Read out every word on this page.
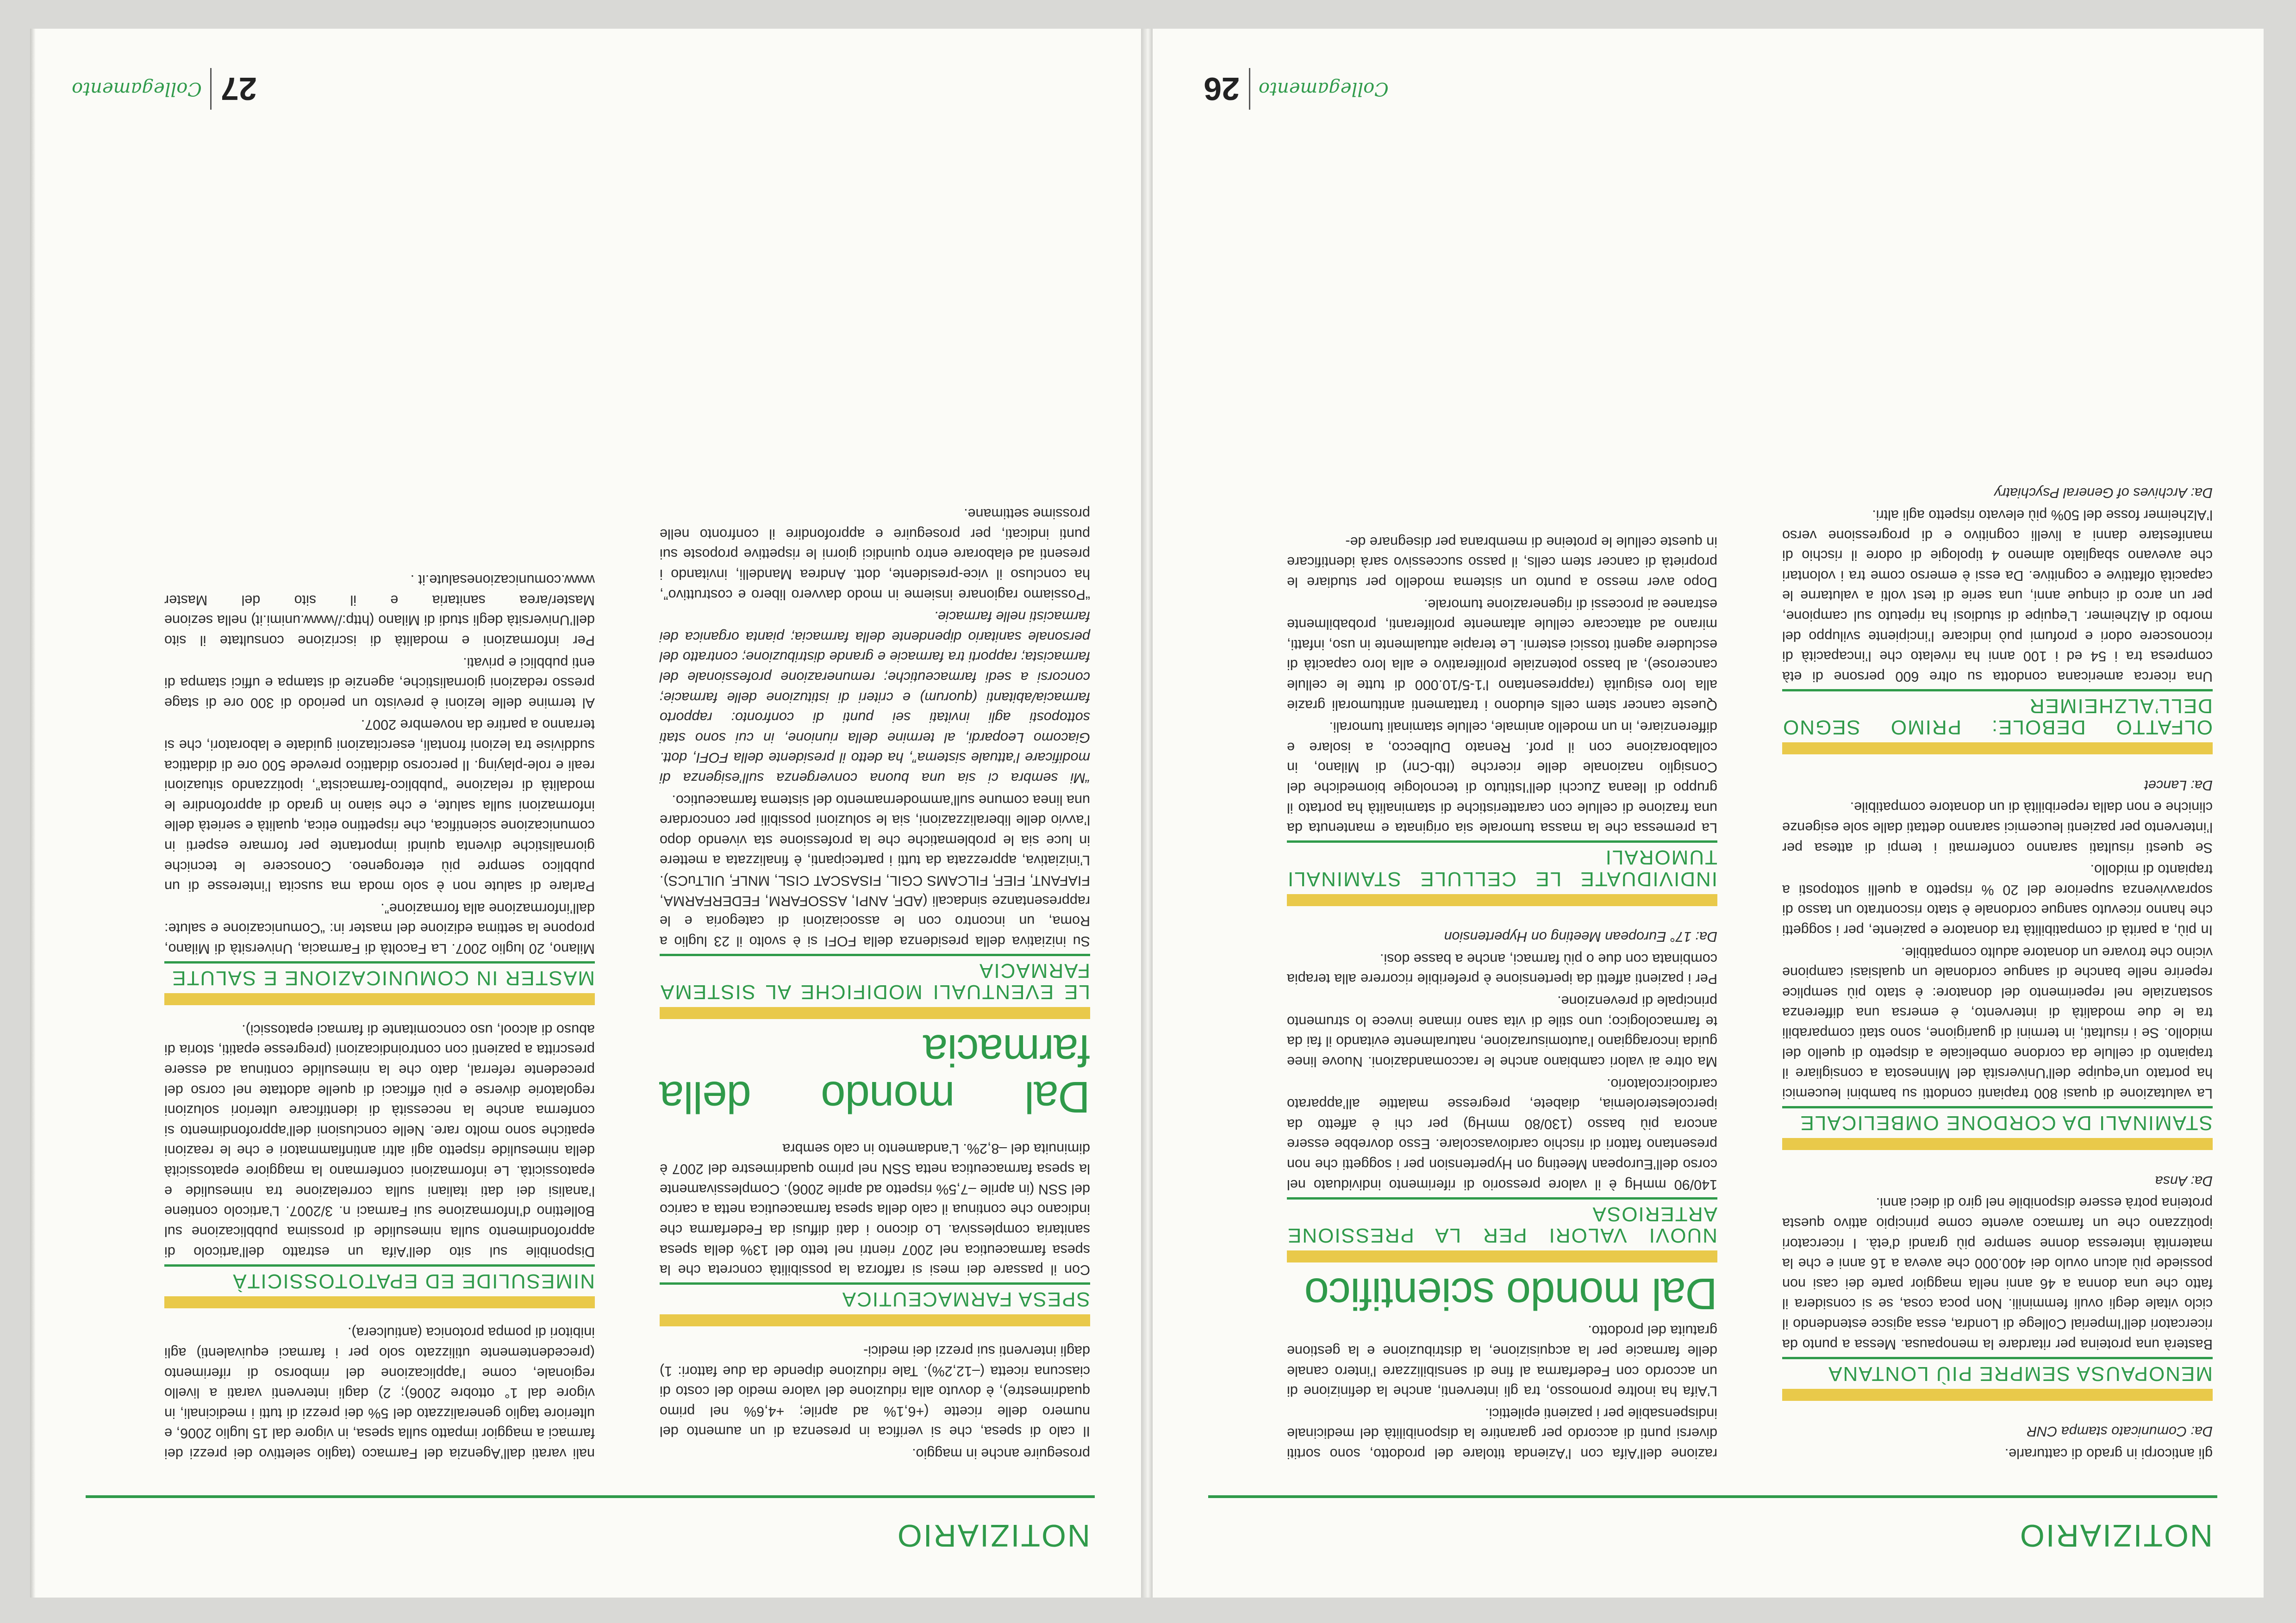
NOTIZIARIO

gli anticorpi in grado di catturarle.

Da: Comunicato stampa CNR

MENOPAUSA SEMPRE PIÙ LONTANA

Basterà una proteina per ritardare la menopausa. Messa a punto da ricercatori dell’Imperial College di Londra, essa agisce estendendo il ciclo vitale degli ovuli femminili. Non poca cosa, se si considera il fatto che una donna a 46 anni nella maggior parte dei casi non possiede più alcun ovulo dei 400.000 che aveva a 16 anni e che la maternità interessa donne sempre più grandi d’età. I ricercatori ipotizzano che un farmaco avente come principio attivo questa proteina potrà essere disponibile nel giro di dieci anni.

Da: Ansa

STAMINALI DA CORDONE OMBELICALE

La valutazione di quasi 800 trapianti condotti su bambini leucemici ha portato un’equipe dell’Università del Minnesota a consigliare il trapianto di cellule da cordone ombelicale a dispetto di quello del midollo. Se i risultati, in termini di guarigione, sono stati comparabili tra le due modalità di intervento, è emersa una differenza sostanziale nel reperimento del donatore: è stato più semplice reperire nelle banche di sangue cordonale un qualsiasi campione vicino che trovare un donatore adulto compatibile.

In più, a parità di compatibilità tra donatore e paziente, per i soggetti che hanno ricevuto sangue cordonale è stato riscontrato un tasso di sopravvivenza superiore del 20 % rispetto a quelli sottoposti a trapianto di midollo.

Se questi risultati saranno confermati i tempi di attesa per l’intervento per pazienti leucemici saranno dettati dalle sole esigenze cliniche e non dalla reperibilità di un donatore compatibile.

Da: Lancet

OLFATTO DEBOLE: PRIMO SEGNO DELL’ALZHEIMER

Una ricerca americana condotta su oltre 600 persone di età compresa tra i 54 ed i 100 anni ha rivelato che l’incapacità di riconoscere odori e profumi può indicare l’incipiente sviluppo del morbo di Alzheimer. L’equipe di studiosi ha ripetuto sul campione, per un arco di cinque anni, una serie di test volti a valutarne le capacità olfattive e cognitive. Da essi è emerso come tra i volontari che avevano sbagliato almeno 4 tipologie di odore il rischio di manifestare danni a livelli cognitivo e di progressione verso l’Alzheimer fosse del 50% più elevato rispetto agli altri.

Da: Archives of General Psychiatry

razione dell’Aifa con l’Azienda titolare del prodotto, sono sortiti diversi punti di accordo per garantire la disponibilità del medicinale indispensabile per i pazienti epilettici.

L’Aifa ha inoltre promosso, tra gli interventi, anche la definizione di un accordo con Federfarma al fine di sensibilizzare l’intero canale delle farmacie per la acquisizione, la distribuzione e la gestione gratuita del prodotto.

Dal mondo scientifico
NUOVI VALORI PER LA PRESSIONE ARTERIOSA

140/90 mmHg è il valore pressorio di riferimento individuato nel corso dell’European Meeting on Hypertension per i soggetti che non presentano fattori di rischio cardiovascolare. Esso dovrebbe essere ancora più basso (130/80 mmHg) per chi è affetto da ipercolesterolemia, diabete, pregresse malattie all’apparato cardiocircolatorio.

Ma oltre ai valori cambiano anche le raccomandazioni. Nuove linee guida incoraggiano l’automisurazione, naturalmente evitando il fai da te farmacologico; uno stile di vita sano rimane invece lo strumento principale di prevenzione.

Per i pazienti affetti da ipertensione è preferibile ricorrere alla terapia combinata con due o più farmaci, anche a basse dosi.

Da: 17° European Meeting on Hypertension

INDIVIDUATE LE CELLULE STAMINALI TUMORALI

La premessa che la massa tumorale sia originata e mantenuta da una frazione di cellule con caratteristiche di staminalità ha portato il gruppo di Ileana Zucchi dell’Istituto di tecnologie biomediche del Consiglio nazionale delle ricerche (Itb-Cnr) di Milano, in collaborazione con il prof. Renato Dulbecco, a isolare e differenziare, in un modello animale, cellule staminali tumorali.

Queste cancer stem cells eludono i trattamenti antitumorali grazie alla loro esiguità (rappresentano l’1-5/10.000 di tutte le cellule cancerose), al basso potenziale proliferativo e alla loro capacità di escludere agenti tossici esterni. Le terapie attualmente in uso, infatti, mirano ad attaccare cellule altamente proliferanti, probabilmente estranee ai processi di rigenerazione tumorale.

Dopo aver messo a punto un sistema modello per studiare le proprietà di cancer stem cells, il passo successivo sarà identificare in queste cellule le proteine di membrana per disegnare de-

Collegamento
26
NOTIZIARIO

proseguire anche in maggio.

Il calo di spesa, che si verifica in presenza di un aumento del numero delle ricette (+6,1% ad aprile; +4,6% nel primo quadrimestre), è dovuto alla riduzione del valore medio del costo di ciascuna ricetta (–12,2%). Tale riduzione dipende da due fattori: 1) dagli interventi sui prezzi dei medici-

SPESA FARMACEUTICA

Con il passare dei mesi si rafforza la possibilità concreta che la spesa farmaceutica nel 2007 rientri nel tetto del 13% della spesa sanitaria complessiva. Lo dicono i dati diffusi da Federfarma che indicano che continua il calo della spesa farmaceutica netta a carico del SSN (in aprile –7,5% rispetto ad aprile 2006). Complessivamente la spesa farmaceutica netta SSN nel primo quadrimestre del 2007 è diminuita del –8,2%. L’andamento in calo sembra

Dal mondo della farmacia
LE EVENTUALI MODIFICHE AL SISTEMA FARMACIA

Su iniziativa della presidenza della FOFI si è svolto il 23 luglio a Roma, un incontro con le associazioni di categoria e le rappresentanze sindacali (ADF, ANPI, ASSOFARM, FEDERFARMA, FIAFANT, FIEF, FILCAMS CGIL, FISASCAT CISL, MNLF, UILTuCS). L’iniziativa, apprezzata da tutti i partecipanti, è finalizzata a mettere in luce sia le problematiche che la professione sta vivendo dopo l’avvio delle liberalizzazioni, sia le soluzioni possibili per concordare una linea comune sull’ammodernamento del sistema farmaceutico.

“Mi sembra ci sia una buona convergenza sull’esigenza di modificare l’attuale sistema”, ha detto il presidente della FOFI, dott. Giacomo Leopardi, al termine della riunione, in cui sono stati sottoposti agli invitati sei punti di confronto: rapporto farmacia/abitanti (quorum) e criteri di istituzione delle farmacie; concorsi a sedi farmaceutiche; remunerazione professionale del farmacista; rapporti tra farmacie e grande distribuzione; contratto del personale sanitario dipendente della farmacia; pianta organica dei farmacisti nelle farmacie.

“Possiamo ragionare insieme in modo davvero libero e costruttivo”, ha concluso il vice-presidente, dott. Andrea Mandelli, invitando i presenti ad elaborare entro quindici giorni le rispettive proposte sui punti indicati, per proseguire e approfondire il confronto nelle prossime settimane.

nali varati dall’Agenzia del Farmaco (taglio selettivo dei prezzi dei farmaci a maggior impatto sulla spesa, in vigore dal 15 luglio 2006, e ulteriore taglio generalizzato del 5% dei prezzi di tutti i medicinali, in vigore dal 1° ottobre 2006); 2) dagli interventi varati a livello regionale, come l’applicazione del rimborso di riferimento (precedentemente utilizzato solo per i farmaci equivalenti) agli inibitori di pompa protonica (antiulcera).

NIMESULIDE ED EPATOTOSSICITÀ

Disponibile sul sito dell’Aifa un estratto dell’articolo di approfondimento sulla nimesulide di prossima pubblicazione sul Bollettino d’Informazione sui Farmaci n. 3/2007. L’articolo contiene l’analisi dei dati italiani sulla correlazione tra nimesulide e epatossicità. Le informazioni confermano la maggiore epatossicità della nimesulide rispetto agli altri antinfiammatori e che le reazioni epatiche sono molto rare. Nelle conclusioni dell’approfondimento si conferma anche la necessità di identificare ulteriori soluzioni regolatorie diverse e più efficaci di quelle adottate nel corso del precedente referral, dato che la nimesulide continua ad essere prescritta a pazienti con controindicazioni (pregresse epatiti, storia di abuso di alcool, uso concomitante di farmaci epatossici).

MASTER IN COMUNICAZIONE E SALUTE

Milano, 20 luglio 2007. La Facoltà di Farmacia, Università di Milano, propone la settima edizione del master in: “Comunicazione e salute: dall’informazione alla formazione”.

Parlare di salute non è solo moda ma suscita l’interesse di un pubblico sempre più eterogeneo. Conoscere le tecniche giornalistiche diventa quindi importante per formare esperti in comunicazione scientifica, che rispettino etica, qualità e serietà delle informazioni sulla salute, e che siano in grado di approfondire le modalità di relazione “pubblico-farmacista”, ipotizzando situazioni reali e role-playing. Il percorso didattico prevede 500 ore di didattica suddivise tra lezioni frontali, esercitazioni guidate e laboratori, che si terranno a partire da novembre 2007.

Al termine delle lezioni è previsto un periodo di 300 ore di stage presso redazioni giornalistiche, agenzie di stampa e uffici stampa di enti pubblici e privati.

Per informazioni e modalità di iscrizione consultate il sito dell’Università degli studi di Milano (http://www.unimi.it) nella sezione Master/area sanitaria e il sito del Master www.comunicazionesalute.it .

27
Collegamento
